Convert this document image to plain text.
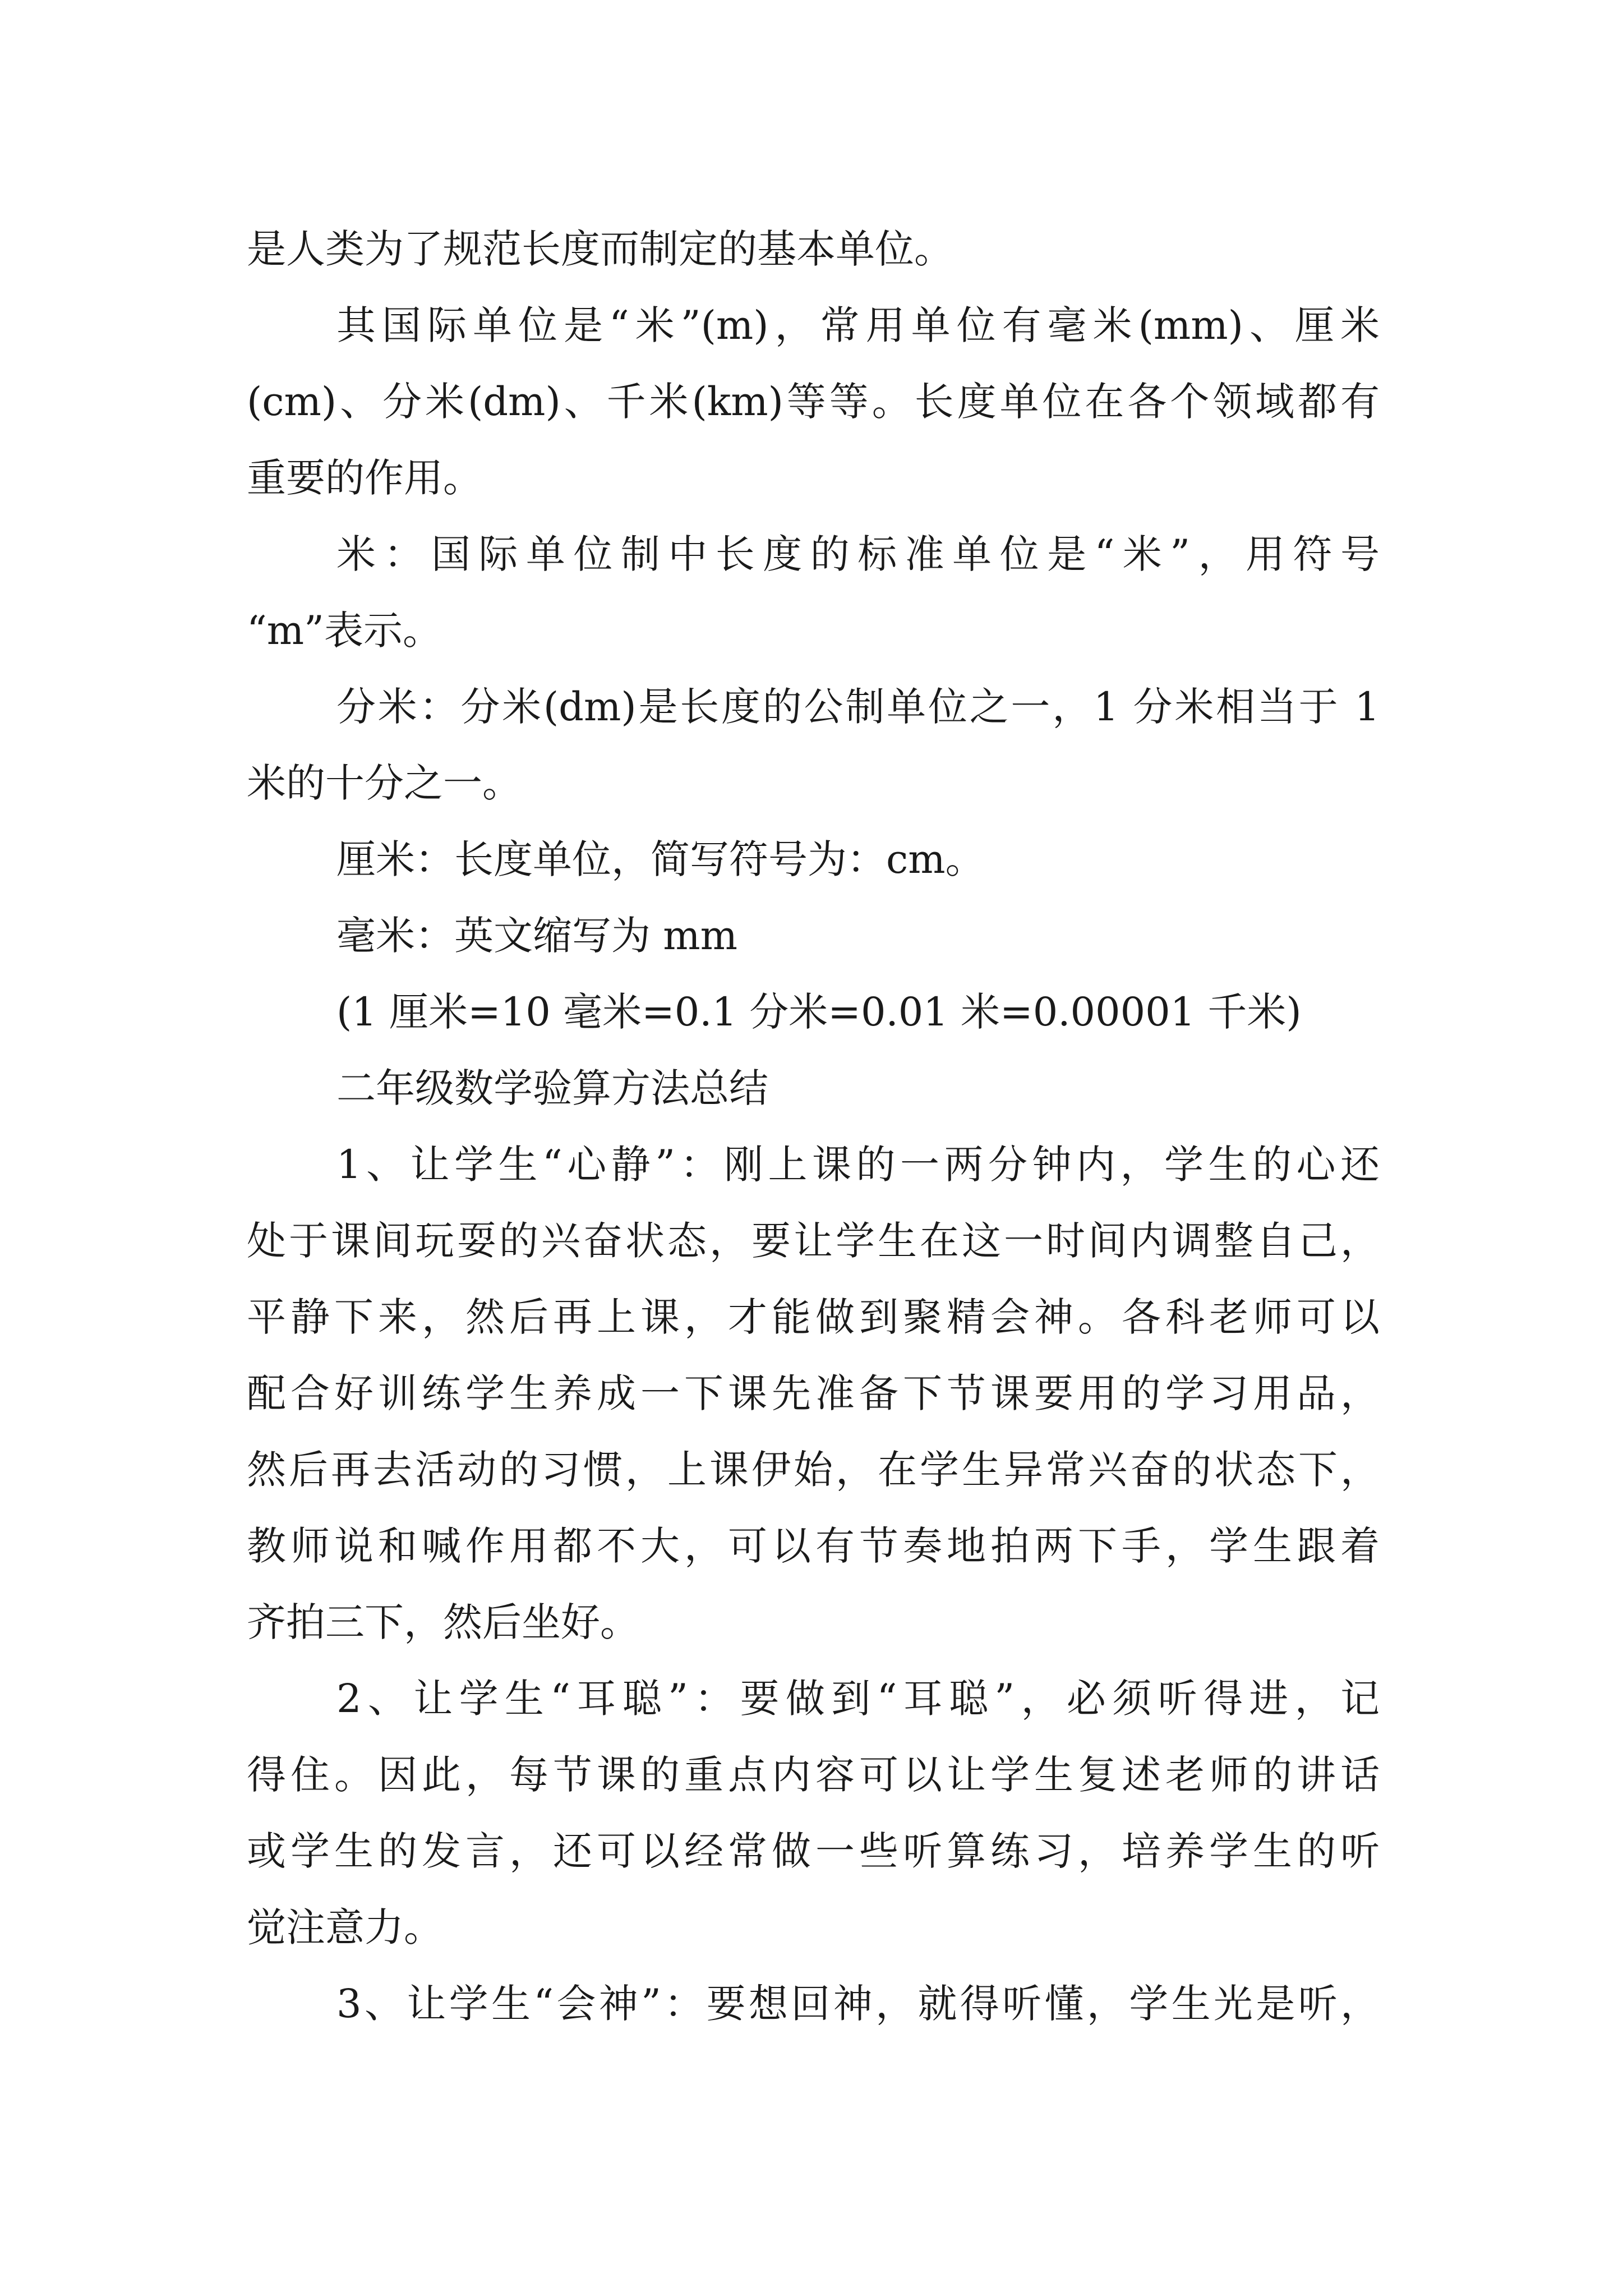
是人类为了规范长度而制定的基本单位。

其国际单位是“米”(m)，常用单位有毫米(mm)、厘米

(cm)、分米(dm)、千米(km)等等。长度单位在各个领域都有

重要的作用。

米：国际单位制中长度的标准单位是“米”，用符号

“m”表示。

分米：分米(dm)是长度的公制单位之一，1 分米相当于 1

米的十分之一。

厘米：长度单位，简写符号为：cm。

毫米：英文缩写为 mm

(1 厘米=10 毫米=0.1 分米=0.01 米=0.00001 千米)

二年级数学验算方法总结

1、让学生“心静”：刚上课的一两分钟内，学生的心还

处于课间玩耍的兴奋状态，要让学生在这一时间内调整自己，

平静下来，然后再上课，才能做到聚精会神。各科老师可以

配合好训练学生养成一下课先准备下节课要用的学习用品，

然后再去活动的习惯，上课伊始，在学生异常兴奋的状态下，

教师说和喊作用都不大，可以有节奏地拍两下手，学生跟着

齐拍三下，然后坐好。

2、让学生“耳聪”：要做到“耳聪”，必须听得进，记

得住。因此，每节课的重点内容可以让学生复述老师的讲话

或学生的发言，还可以经常做一些听算练习，培养学生的听

觉注意力。

3、让学生“会神”：要想回神，就得听懂，学生光是听，
